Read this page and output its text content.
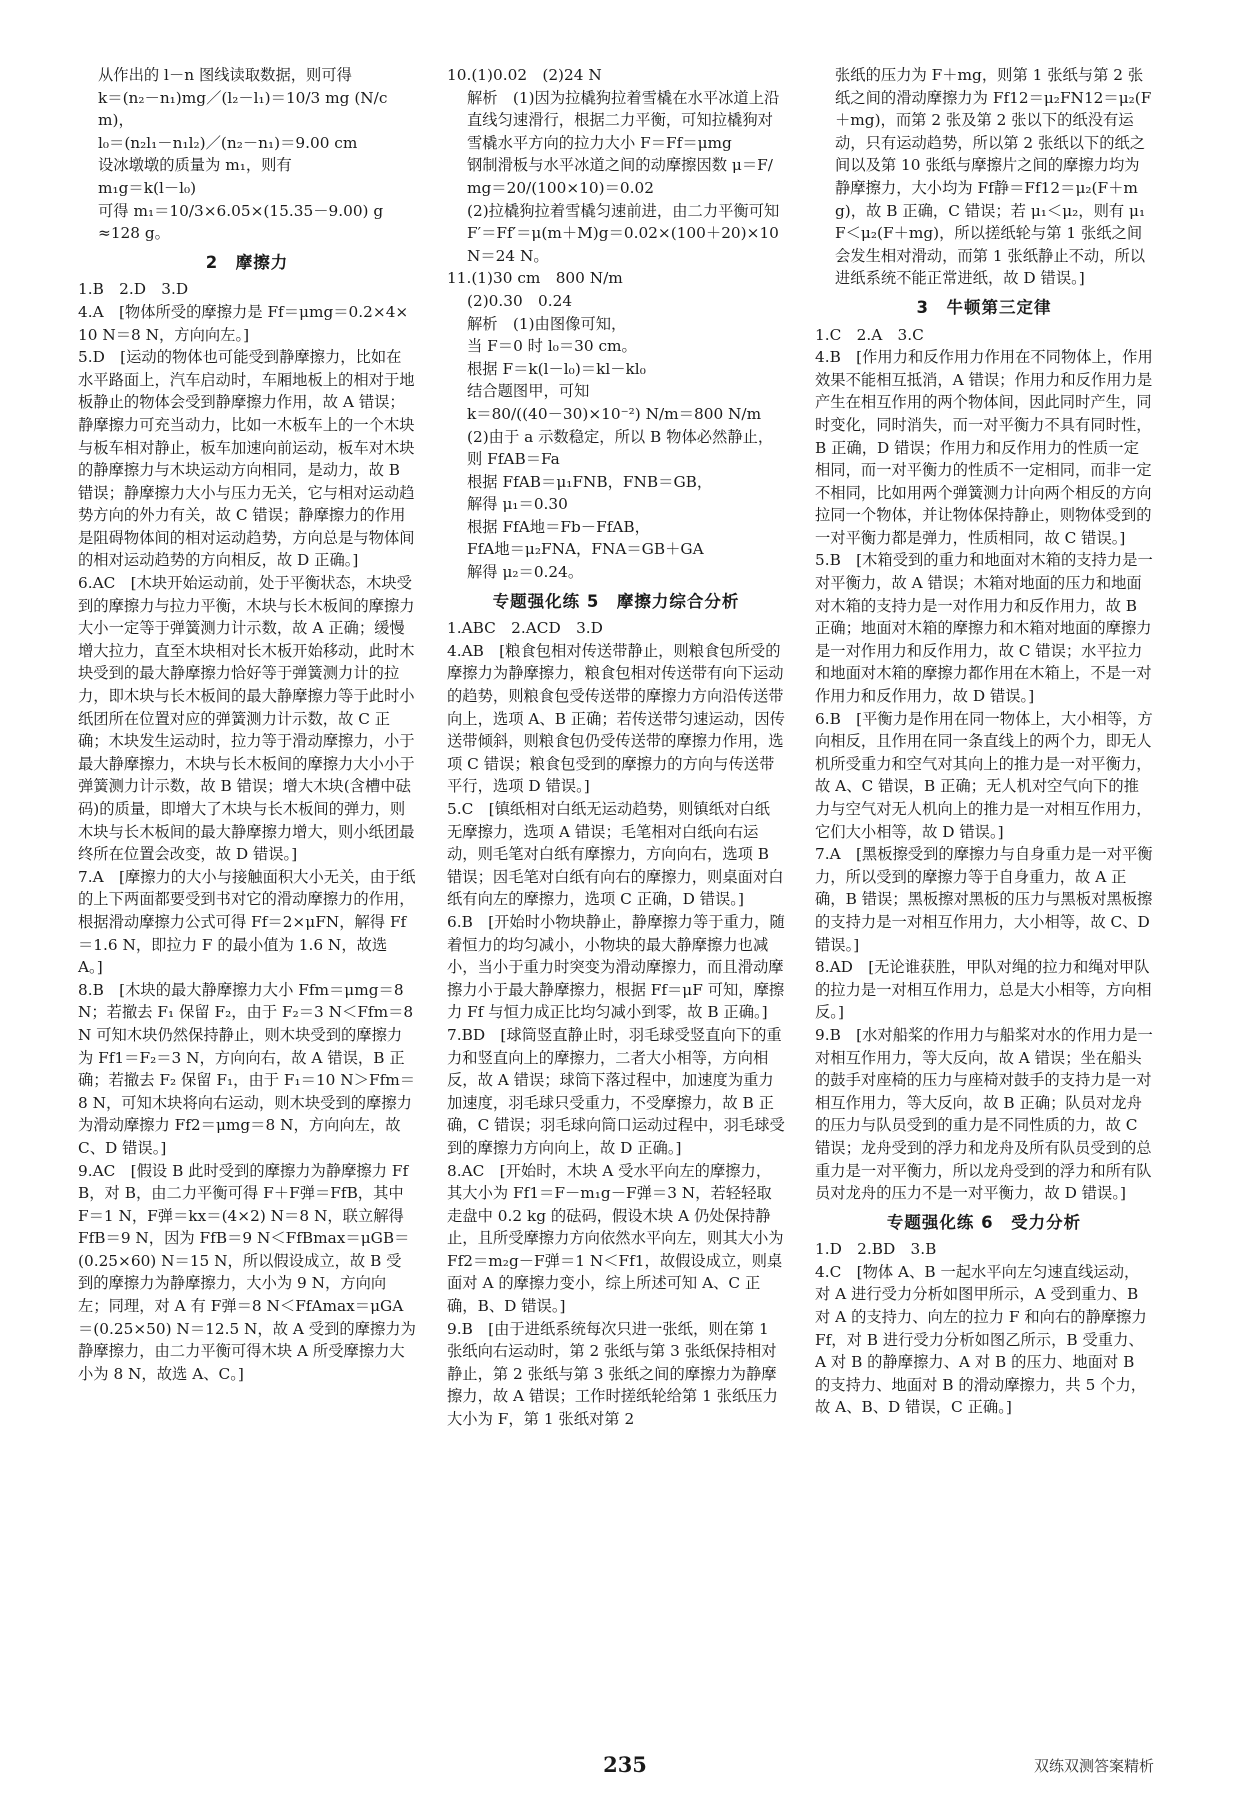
从作出的 l－n 图线读取数据，则可得

k＝(n₂－n₁)mg／(l₂－l₁)＝10/3 mg (N/cm)，

l₀＝(n₂l₁－n₁l₂)／(n₂－n₁)＝9.00 cm

设冰墩墩的质量为 m₁，则有

m₁g＝k(l－l₀)

可得 m₁＝10/3×6.05×(15.35－9.00) g

≈128 g。

2　摩擦力

1.B　2.D　3.D

4.A　[物体所受的摩擦力是 Ff＝μmg＝0.2×4×10 N＝8 N，方向向左。]

5.D　[运动的物体也可能受到静摩擦力，比如在水平路面上，汽车启动时，车厢地板上的相对于地板静止的物体会受到静摩擦力作用，故 A 错误；静摩擦力可充当动力，比如一木板车上的一个木块与板车相对静止，板车加速向前运动，板车对木块的静摩擦力与木块运动方向相同，是动力，故 B 错误；静摩擦力大小与压力无关，它与相对运动趋势方向的外力有关，故 C 错误；静摩擦力的作用是阻碍物体间的相对运动趋势，方向总是与物体间的相对运动趋势的方向相反，故 D 正确。]

6.AC　[木块开始运动前，处于平衡状态，木块受到的摩擦力与拉力平衡，木块与长木板间的摩擦力大小一定等于弹簧测力计示数，故 A 正确；缓慢增大拉力，直至木块相对长木板开始移动，此时木块受到的最大静摩擦力恰好等于弹簧测力计的拉力，即木块与长木板间的最大静摩擦力等于此时小纸团所在位置对应的弹簧测力计示数，故 C 正确；木块发生运动时，拉力等于滑动摩擦力，小于最大静摩擦力，木块与长木板间的摩擦力大小小于弹簧测力计示数，故 B 错误；增大木块(含槽中砝码)的质量，即增大了木块与长木板间的弹力，则木块与长木板间的最大静摩擦力增大，则小纸团最终所在位置会改变，故 D 错误。]

7.A　[摩擦力的大小与接触面积大小无关，由于纸的上下两面都要受到书对它的滑动摩擦力的作用，根据滑动摩擦力公式可得 Ff＝2×μFN，解得 Ff＝1.6 N，即拉力 F 的最小值为 1.6 N，故选 A。]

8.B　[木块的最大静摩擦力大小 Ffm＝μmg＝8 N；若撤去 F₁ 保留 F₂，由于 F₂＝3 N＜Ffm＝8 N 可知木块仍然保持静止，则木块受到的摩擦力为 Ff1＝F₂＝3 N，方向向右，故 A 错误，B 正确；若撤去 F₂ 保留 F₁，由于 F₁＝10 N＞Ffm＝8 N，可知木块将向右运动，则木块受到的摩擦力为滑动摩擦力 Ff2＝μmg＝8 N，方向向左，故 C、D 错误。]

9.AC　[假设 B 此时受到的摩擦力为静摩擦力 FfB，对 B，由二力平衡可得 F＋F弹＝FfB，其中 F＝1 N，F弹＝kx＝(4×2) N＝8 N，联立解得 FfB＝9 N，因为 FfB＝9 N＜FfBmax＝μGB＝(0.25×60) N＝15 N，所以假设成立，故 B 受到的摩擦力为静摩擦力，大小为 9 N，方向向左；同理，对 A 有 F弹＝8 N＜FfAmax＝μGA＝(0.25×50) N＝12.5 N，故 A 受到的摩擦力为静摩擦力，由二力平衡可得木块 A 所受摩擦力大小为 8 N，故选 A、C。]

10.(1)0.02　(2)24 N

解析　(1)因为拉橇狗拉着雪橇在水平冰道上沿直线匀速滑行，根据二力平衡，可知拉橇狗对雪橇水平方向的拉力大小 F＝Ff＝μmg

钢制滑板与水平冰道之间的动摩擦因数 μ＝F/mg＝20/(100×10)＝0.02

(2)拉橇狗拉着雪橇匀速前进，由二力平衡可知 F′＝Ff′＝μ(m＋M)g＝0.02×(100＋20)×10 N＝24 N。

11.(1)30 cm　800 N/m

(2)0.30　0.24

解析　(1)由图像可知，

当 F＝0 时 l₀＝30 cm。

根据 F＝k(l－l₀)＝kl－kl₀

结合题图甲，可知

k＝80/((40－30)×10⁻²) N/m＝800 N/m

(2)由于 a 示数稳定，所以 B 物体必然静止，则 FfAB＝Fa

根据 FfAB＝μ₁FNB，FNB＝GB，

解得 μ₁＝0.30

根据 FfA地＝Fb－FfAB，

FfA地＝μ₂FNA，FNA＝GB＋GA

解得 μ₂＝0.24。

专题强化练 5　摩擦力综合分析

1.ABC　2.ACD　3.D

4.AB　[粮食包相对传送带静止，则粮食包所受的摩擦力为静摩擦力，粮食包相对传送带有向下运动的趋势，则粮食包受传送带的摩擦力方向沿传送带向上，选项 A、B 正确；若传送带匀速运动，因传送带倾斜，则粮食包仍受传送带的摩擦力作用，选项 C 错误；粮食包受到的摩擦力的方向与传送带平行，选项 D 错误。]

5.C　[镇纸相对白纸无运动趋势，则镇纸对白纸无摩擦力，选项 A 错误；毛笔相对白纸向右运动，则毛笔对白纸有摩擦力，方向向右，选项 B 错误；因毛笔对白纸有向右的摩擦力，则桌面对白纸有向左的摩擦力，选项 C 正确，D 错误。]

6.B　[开始时小物块静止，静摩擦力等于重力，随着恒力的均匀减小，小物块的最大静摩擦力也减小，当小于重力时突变为滑动摩擦力，而且滑动摩擦力小于最大静摩擦力，根据 Ff＝μF 可知，摩擦力 Ff 与恒力成正比均匀减小到零，故 B 正确。]

7.BD　[球筒竖直静止时，羽毛球受竖直向下的重力和竖直向上的摩擦力，二者大小相等，方向相反，故 A 错误；球筒下落过程中，加速度为重力加速度，羽毛球只受重力，不受摩擦力，故 B 正确，C 错误；羽毛球向筒口运动过程中，羽毛球受到的摩擦力方向向上，故 D 正确。]

8.AC　[开始时，木块 A 受水平向左的摩擦力，其大小为 Ff1＝F－m₁g－F弹＝3 N，若轻轻取走盘中 0.2 kg 的砝码，假设木块 A 仍处保持静止，且所受摩擦力方向依然水平向左，则其大小为 Ff2＝m₂g－F弹＝1 N＜Ff1，故假设成立，则桌面对 A 的摩擦力变小，综上所述可知 A、C 正确，B、D 错误。]

9.B　[由于进纸系统每次只进一张纸，则在第 1 张纸向右运动时，第 2 张纸与第 3 张纸保持相对静止，第 2 张纸与第 3 张纸之间的摩擦力为静摩擦力，故 A 错误；工作时搓纸轮给第 1 张纸压力大小为 F，第 1 张纸对第 2

张纸的压力为 F＋mg，则第 1 张纸与第 2 张纸之间的滑动摩擦力为 Ff12＝μ₂FN12＝μ₂(F＋mg)，而第 2 张及第 2 张以下的纸没有运动，只有运动趋势，所以第 2 张纸以下的纸之间以及第 10 张纸与摩擦片之间的摩擦力均为静摩擦力，大小均为 Ff静＝Ff12＝μ₂(F＋mg)，故 B 正确，C 错误；若 μ₁＜μ₂，则有 μ₁F＜μ₂(F＋mg)，所以搓纸轮与第 1 张纸之间会发生相对滑动，而第 1 张纸静止不动，所以进纸系统不能正常进纸，故 D 错误。]

3　牛顿第三定律

1.C　2.A　3.C

4.B　[作用力和反作用力作用在不同物体上，作用效果不能相互抵消，A 错误；作用力和反作用力是产生在相互作用的两个物体间，因此同时产生，同时变化，同时消失，而一对平衡力不具有同时性，B 正确，D 错误；作用力和反作用力的性质一定相同，而一对平衡力的性质不一定相同，而非一定不相同，比如用两个弹簧测力计向两个相反的方向拉同一个物体，并让物体保持静止，则物体受到的一对平衡力都是弹力，性质相同，故 C 错误。]

5.B　[木箱受到的重力和地面对木箱的支持力是一对平衡力，故 A 错误；木箱对地面的压力和地面对木箱的支持力是一对作用力和反作用力，故 B 正确；地面对木箱的摩擦力和木箱对地面的摩擦力是一对作用力和反作用力，故 C 错误；水平拉力和地面对木箱的摩擦力都作用在木箱上，不是一对作用力和反作用力，故 D 错误。]

6.B　[平衡力是作用在同一物体上，大小相等，方向相反，且作用在同一条直线上的两个力，即无人机所受重力和空气对其向上的推力是一对平衡力，故 A、C 错误，B 正确；无人机对空气向下的推力与空气对无人机向上的推力是一对相互作用力，它们大小相等，故 D 错误。]

7.A　[黑板擦受到的摩擦力与自身重力是一对平衡力，所以受到的摩擦力等于自身重力，故 A 正确，B 错误；黑板擦对黑板的压力与黑板对黑板擦的支持力是一对相互作用力，大小相等，故 C、D 错误。]

8.AD　[无论谁获胜，甲队对绳的拉力和绳对甲队的拉力是一对相互作用力，总是大小相等，方向相反。]

9.B　[水对船桨的作用力与船桨对水的作用力是一对相互作用力，等大反向，故 A 错误；坐在船头的鼓手对座椅的压力与座椅对鼓手的支持力是一对相互作用力，等大反向，故 B 正确；队员对龙舟的压力与队员受到的重力是不同性质的力，故 C 错误；龙舟受到的浮力和龙舟及所有队员受到的总重力是一对平衡力，所以龙舟受到的浮力和所有队员对龙舟的压力不是一对平衡力，故 D 错误。]

专题强化练 6　受力分析

1.D　2.BD　3.B

4.C　[物体 A、B 一起水平向左匀速直线运动，对 A 进行受力分析如图甲所示，A 受到重力、B 对 A 的支持力、向左的拉力 F 和向右的静摩擦力 Ff，对 B 进行受力分析如图乙所示，B 受重力、A 对 B 的静摩擦力、A 对 B 的压力、地面对 B 的支持力、地面对 B 的滑动摩擦力，共 5 个力，故 A、B、D 错误，C 正确。]

235	双练双测答案精析
